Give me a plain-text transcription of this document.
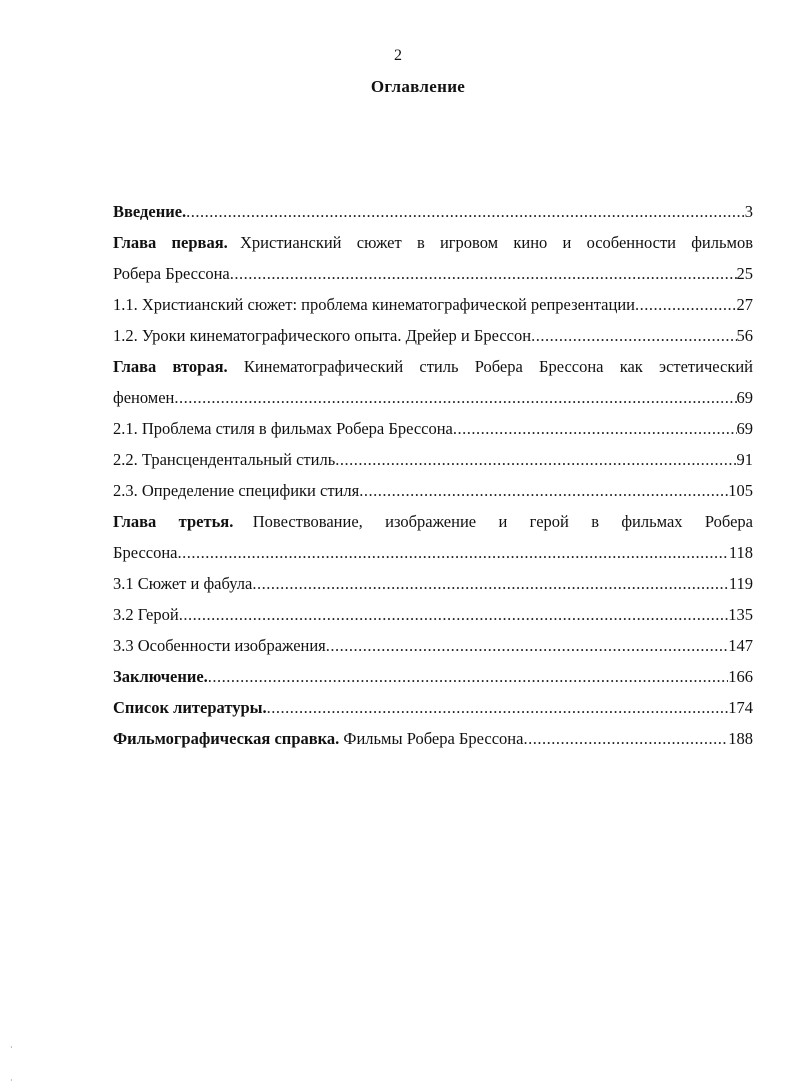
2
Оглавление
Введение. .....	3
Глава первая. Христианский сюжет в игровом кино и особенности фильмов
Робера Брессона .....	25
1.1. Христианский сюжет: проблема кинематографической репрезентации .....	27
1.2. Уроки кинематографического опыта. Дрейер и Брессон .....	56
Глава вторая. Кинематографический стиль Робера Брессона как эстетический
феномен .....	69
2.1. Проблема стиля в фильмах Робера Брессона .....	69
2.2. Трансцендентальный стиль .....	91
2.3. Определение специфики стиля .....	105
Глава третья. Повествование, изображение и герой в фильмах Робера
Брессона .....	118
3.1 Сюжет и фабула .....	119
3.2 Герой .....	135
3.3 Особенности изображения .....	147
Заключение. .....	166
Список литературы. .....	174
Фильмографическая справка. Фильмы Робера Брессона .....	188
·
·
